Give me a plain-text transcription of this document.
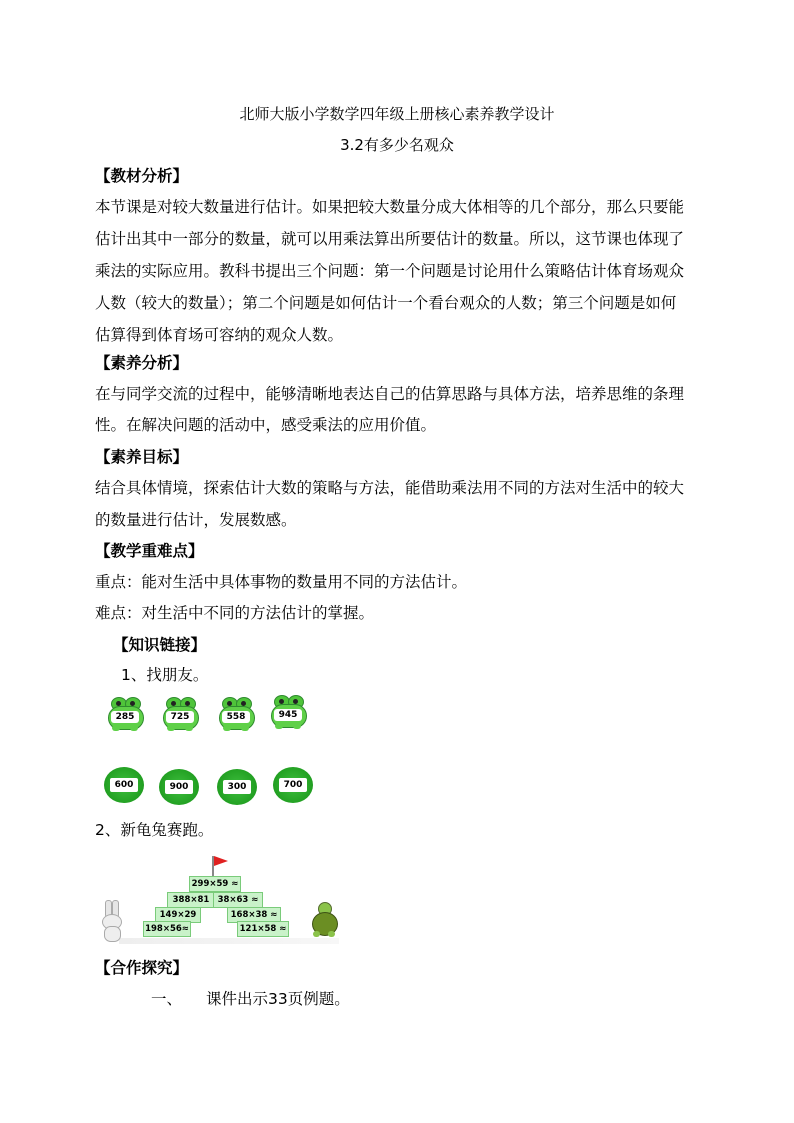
北师大版小学数学四年级上册核心素养教学设计
3.2有多少名观众
【教材分析】
本节课是对较大数量进行估计。如果把较大数量分成大体相等的几个部分，那么只要能
估计出其中一部分的数量，就可以用乘法算出所要估计的数量。所以，这节课也体现了
乘法的实际应用。教科书提出三个问题：第一个问题是讨论用什么策略估计体育场观众
人数（较大的数量）；第二个问题是如何估计一个看台观众的人数；第三个问题是如何
估算得到体育场可容纳的观众人数。
【素养分析】
在与同学交流的过程中，能够清晰地表达自己的估算思路与具体方法，培养思维的条理
性。在解决问题的活动中，感受乘法的应用价值。
【素养目标】
结合具体情境，探索估计大数的策略与方法，能借助乘法用不同的方法对生活中的较大
的数量进行估计，发展数感。
【教学重难点】
重点：能对生活中具体事物的数量用不同的方法估计。
难点：对生活中不同的方法估计的掌握。
【知识链接】
1、找朋友。
285	725	558	945
600	900	300	700
2、新龟兔赛跑。
299×59 ≈
388×81 38×63 ≈
149×29	168×38 ≈
198×56≈	121×58 ≈
【合作探究】
一、 课件出示33页例题。
